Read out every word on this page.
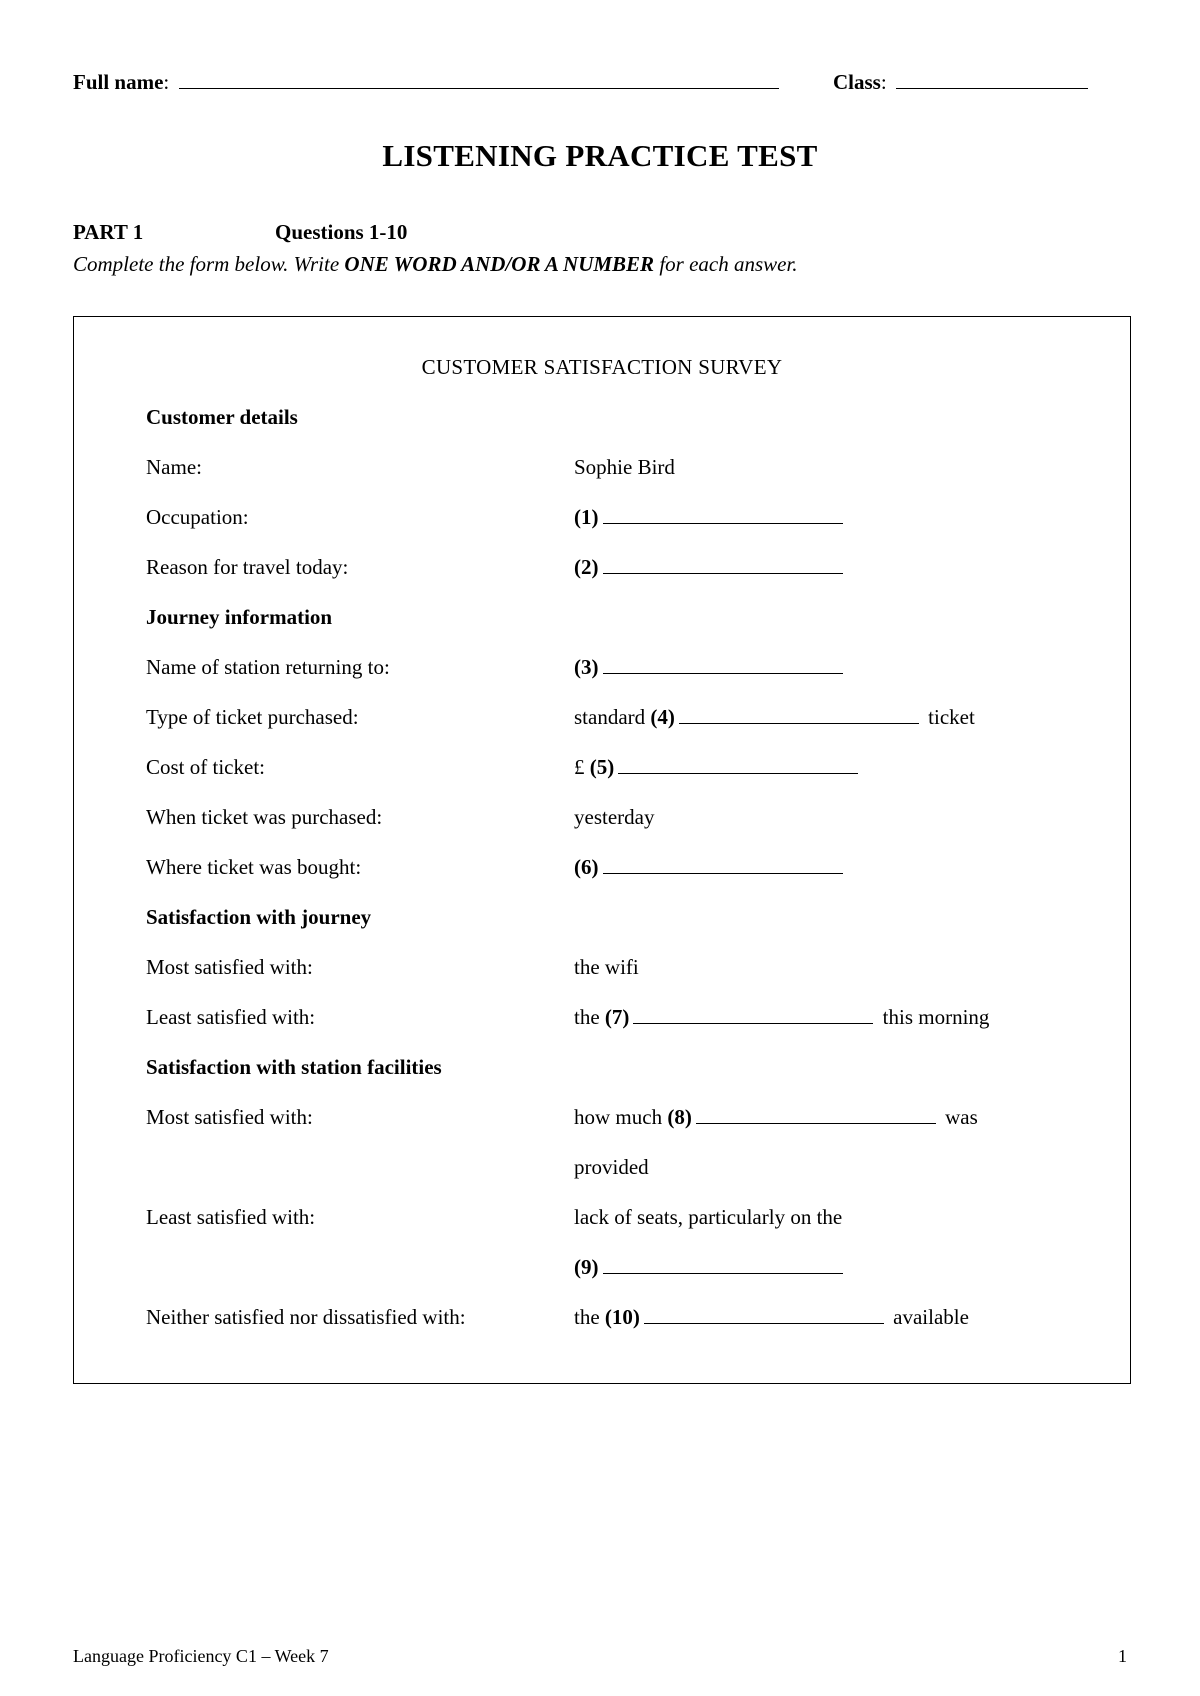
Full name:	Class:
LISTENING PRACTICE TEST
PART 1	Questions 1-10
Complete the form below. Write ONE WORD AND/OR A NUMBER for each answer.
CUSTOMER SATISFACTION SURVEY
Customer details
Name:	Sophie Bird
Occupation:	(1)
Reason for travel today:	(2)
Journey information
Name of station returning to:	(3)
Type of ticket purchased:	standard (4)	ticket
Cost of ticket:	£ (5)
When ticket was purchased:	yesterday
Where ticket was bought:	(6)
Satisfaction with journey
Most satisfied with:	the wifi
Least satisfied with:	the (7)	this morning
Satisfaction with station facilities
Most satisfied with:	how much (8)	was
provided
Least satisfied with:	lack of seats, particularly on the
(9)
Neither satisfied nor dissatisfied with:	the (10)	available
Language Proficiency C1 – Week 7	1
